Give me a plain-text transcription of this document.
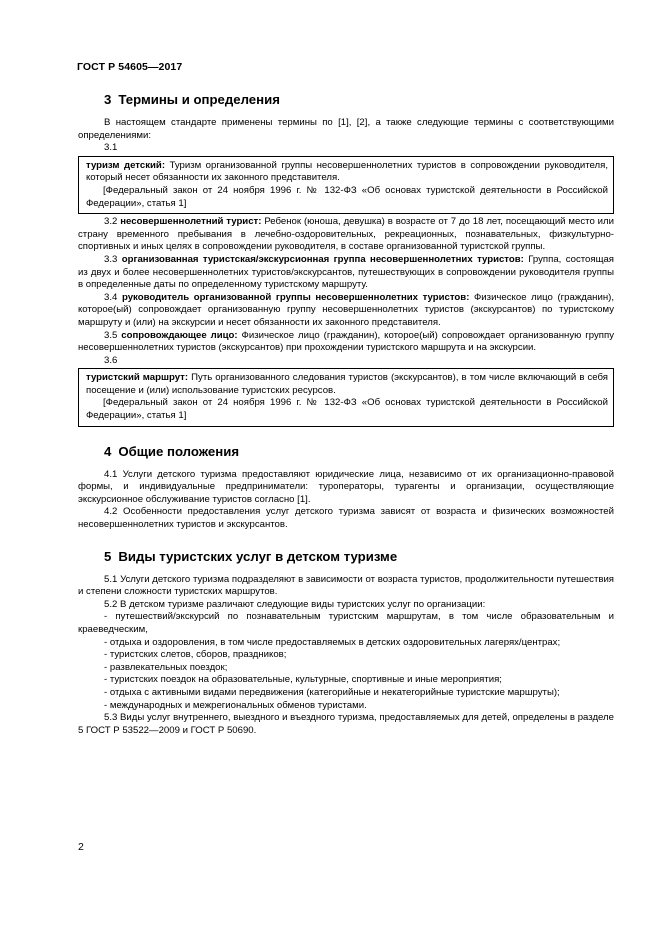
ГОСТ Р 54605—2017
3 Термины и определения

В настоящем стандарте применены термины по [1], [2], а также следующие термины с соответствующими определениями:

3.1

туризм детский: Туризм организованной группы несовершеннолетних туристов в сопровождении руководителя, который несет обязанности их законного представителя.

[Федеральный закон от 24 ноября 1996 г. № 132-ФЗ «Об основах туристской деятельности в Российской Федерации», статья 1]

3.2 несовершеннолетний турист: Ребенок (юноша, девушка) в возрасте от 7 до 18 лет, посещающий место или страну временного пребывания в лечебно-оздоровительных, рекреационных, познавательных, физкультурно-спортивных и иных целях в сопровождении руководителя, в составе организованной туристской группы.

3.3 организованная туристская/экскурсионная группа несовершеннолетних туристов: Группа, состоящая из двух и более несовершеннолетних туристов/экскурсантов, путешествующих в сопровождении руководителя группы в определенные даты по определенному туристскому маршруту.

3.4 руководитель организованной группы несовершеннолетних туристов: Физическое лицо (гражданин), которое(ый) сопровождает организованную группу несовершеннолетних туристов (экскурсантов) по туристскому маршруту и (или) на экскурсии и несет обязанности их законного представителя.

3.5 сопровождающее лицо: Физическое лицо (гражданин), которое(ый) сопровождает организованную группу несовершеннолетних туристов (экскурсантов) при прохождении туристского маршрута и на экскурсии.

3.6

туристский маршрут: Путь организованного следования туристов (экскурсантов), в том числе включающий в себя посещение и (или) использование туристских ресурсов.

[Федеральный закон от 24 ноября 1996 г. № 132-ФЗ «Об основах туристской деятельности в Российской Федерации», статья 1]

4 Общие положения

4.1 Услуги детского туризма предоставляют юридические лица, независимо от их организационно-правовой формы, и индивидуальные предприниматели: туроператоры, турагенты и организации, осуществляющие экскурсионное обслуживание туристов согласно [1].

4.2 Особенности предоставления услуг детского туризма зависят от возраста и физических возможностей несовершеннолетних туристов и экскурсантов.

5 Виды туристских услуг в детском туризме

5.1 Услуги детского туризма подразделяют в зависимости от возраста туристов, продолжительности путешествия и степени сложности туристских маршрутов.

5.2 В детском туризме различают следующие виды туристских услуг по организации:

- путешествий/экскурсий по познавательным туристским маршрутам, в том числе образовательным и краеведческим,

- отдыха и оздоровления, в том числе предоставляемых в детских оздоровительных лагерях/центрах;

- туристских слетов, сборов, праздников;

- развлекательных поездок;

- туристских поездок на образовательные, культурные, спортивные и иные мероприятия;

- отдыха с активными видами передвижения (категорийные и некатегорийные туристские маршруты);

- международных и межрегиональных обменов туристами.

5.3 Виды услуг внутреннего, выездного и въездного туризма, предоставляемых для детей, определены в разделе 5 ГОСТ Р 53522—2009 и ГОСТ Р 50690.

2
